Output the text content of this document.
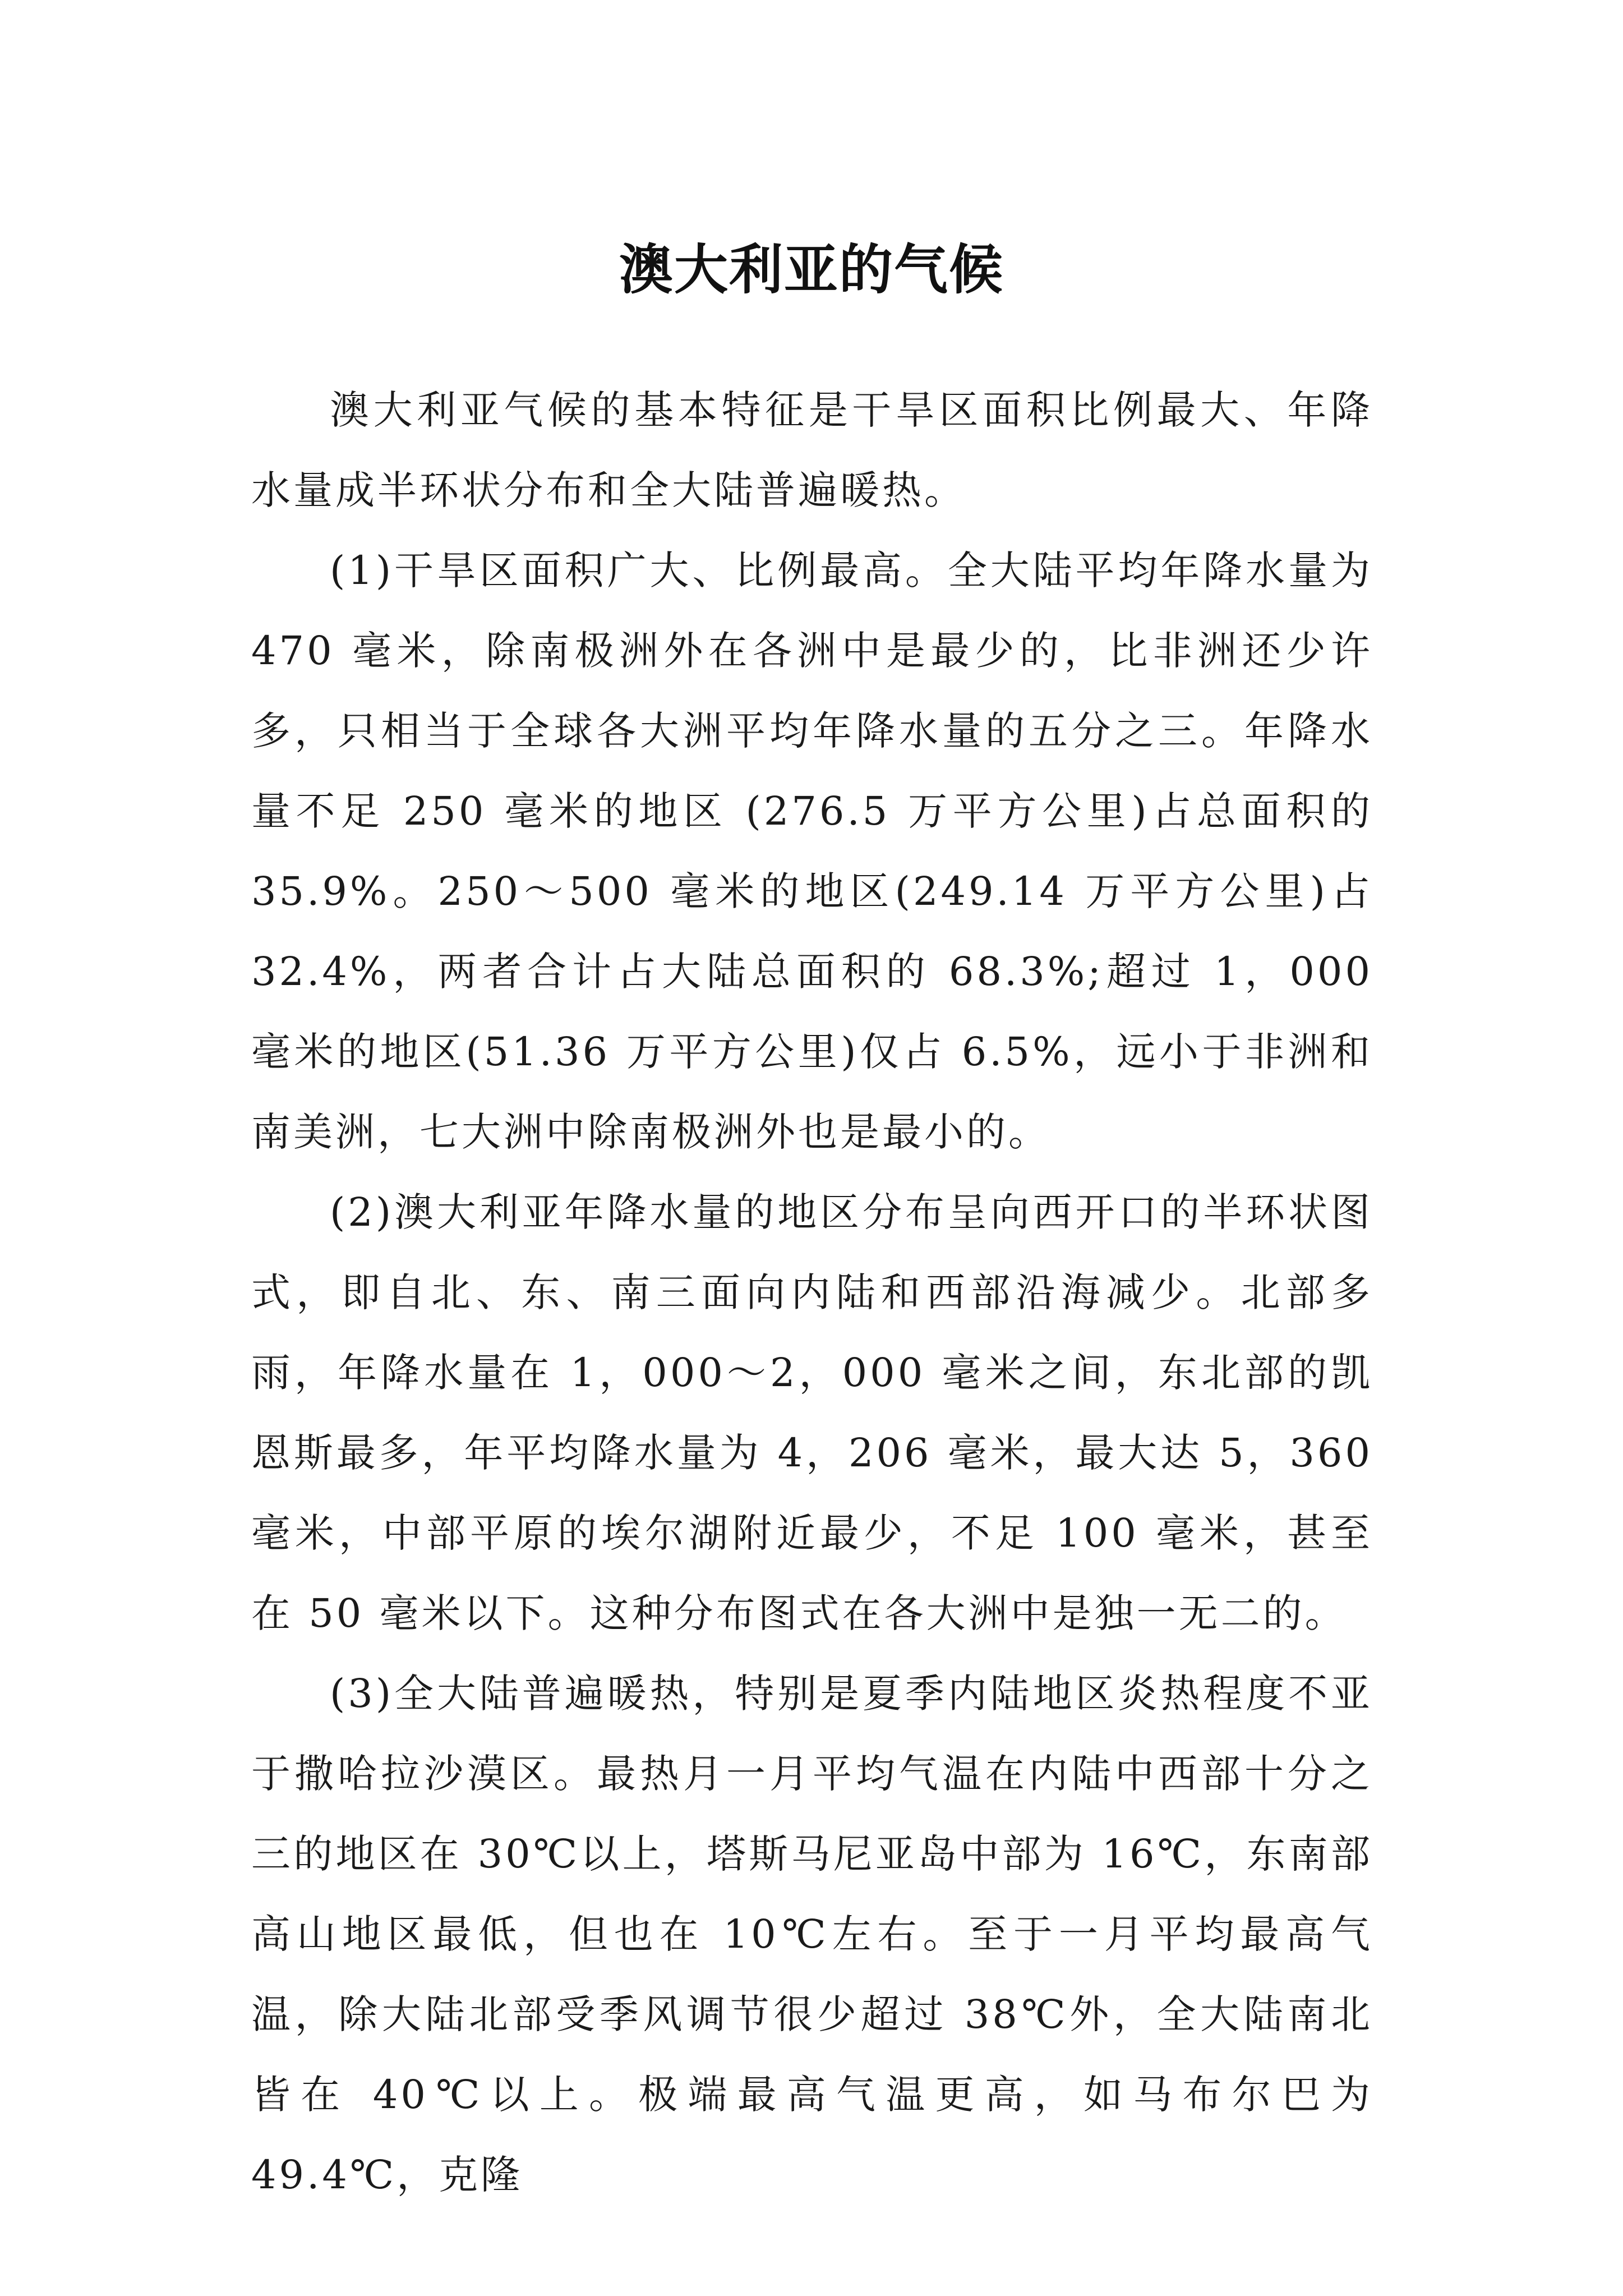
澳大利亚的气候

澳大利亚气候的基本特征是干旱区面积比例最大、年降水量成半环状分布和全大陆普遍暖热。

(1)干旱区面积广大、比例最高。全大陆平均年降水量为 470 毫米，除南极洲外在各洲中是最少的，比非洲还少许多，只相当于全球各大洲平均年降水量的五分之三。年降水量不足 250 毫米的地区 (276.5 万平方公里)占总面积的 35.9%。250～500 毫米的地区(249.14 万平方公里)占 32.4%，两者合计占大陆总面积的 68.3%;超过 1，000 毫米的地区(51.36 万平方公里)仅占 6.5%，远小于非洲和南美洲，七大洲中除南极洲外也是最小的。

(2)澳大利亚年降水量的地区分布呈向西开口的半环状图式，即自北、东、南三面向内陆和西部沿海减少。北部多雨，年降水量在 1，000～2，000 毫米之间，东北部的凯恩斯最多，年平均降水量为 4，206 毫米，最大达 5，360 毫米，中部平原的埃尔湖附近最少，不足 100 毫米，甚至在 50 毫米以下。这种分布图式在各大洲中是独一无二的。

(3)全大陆普遍暖热，特别是夏季内陆地区炎热程度不亚于撒哈拉沙漠区。最热月一月平均气温在内陆中西部十分之三的地区在 30℃以上，塔斯马尼亚岛中部为 16℃，东南部高山地区最低，但也在 10℃左右。至于一月平均最高气温，除大陆北部受季风调节很少超过 38℃外，全大陆南北皆在 40℃以上。极端最高气温更高，如马布尔巴为 49.4℃，克隆
